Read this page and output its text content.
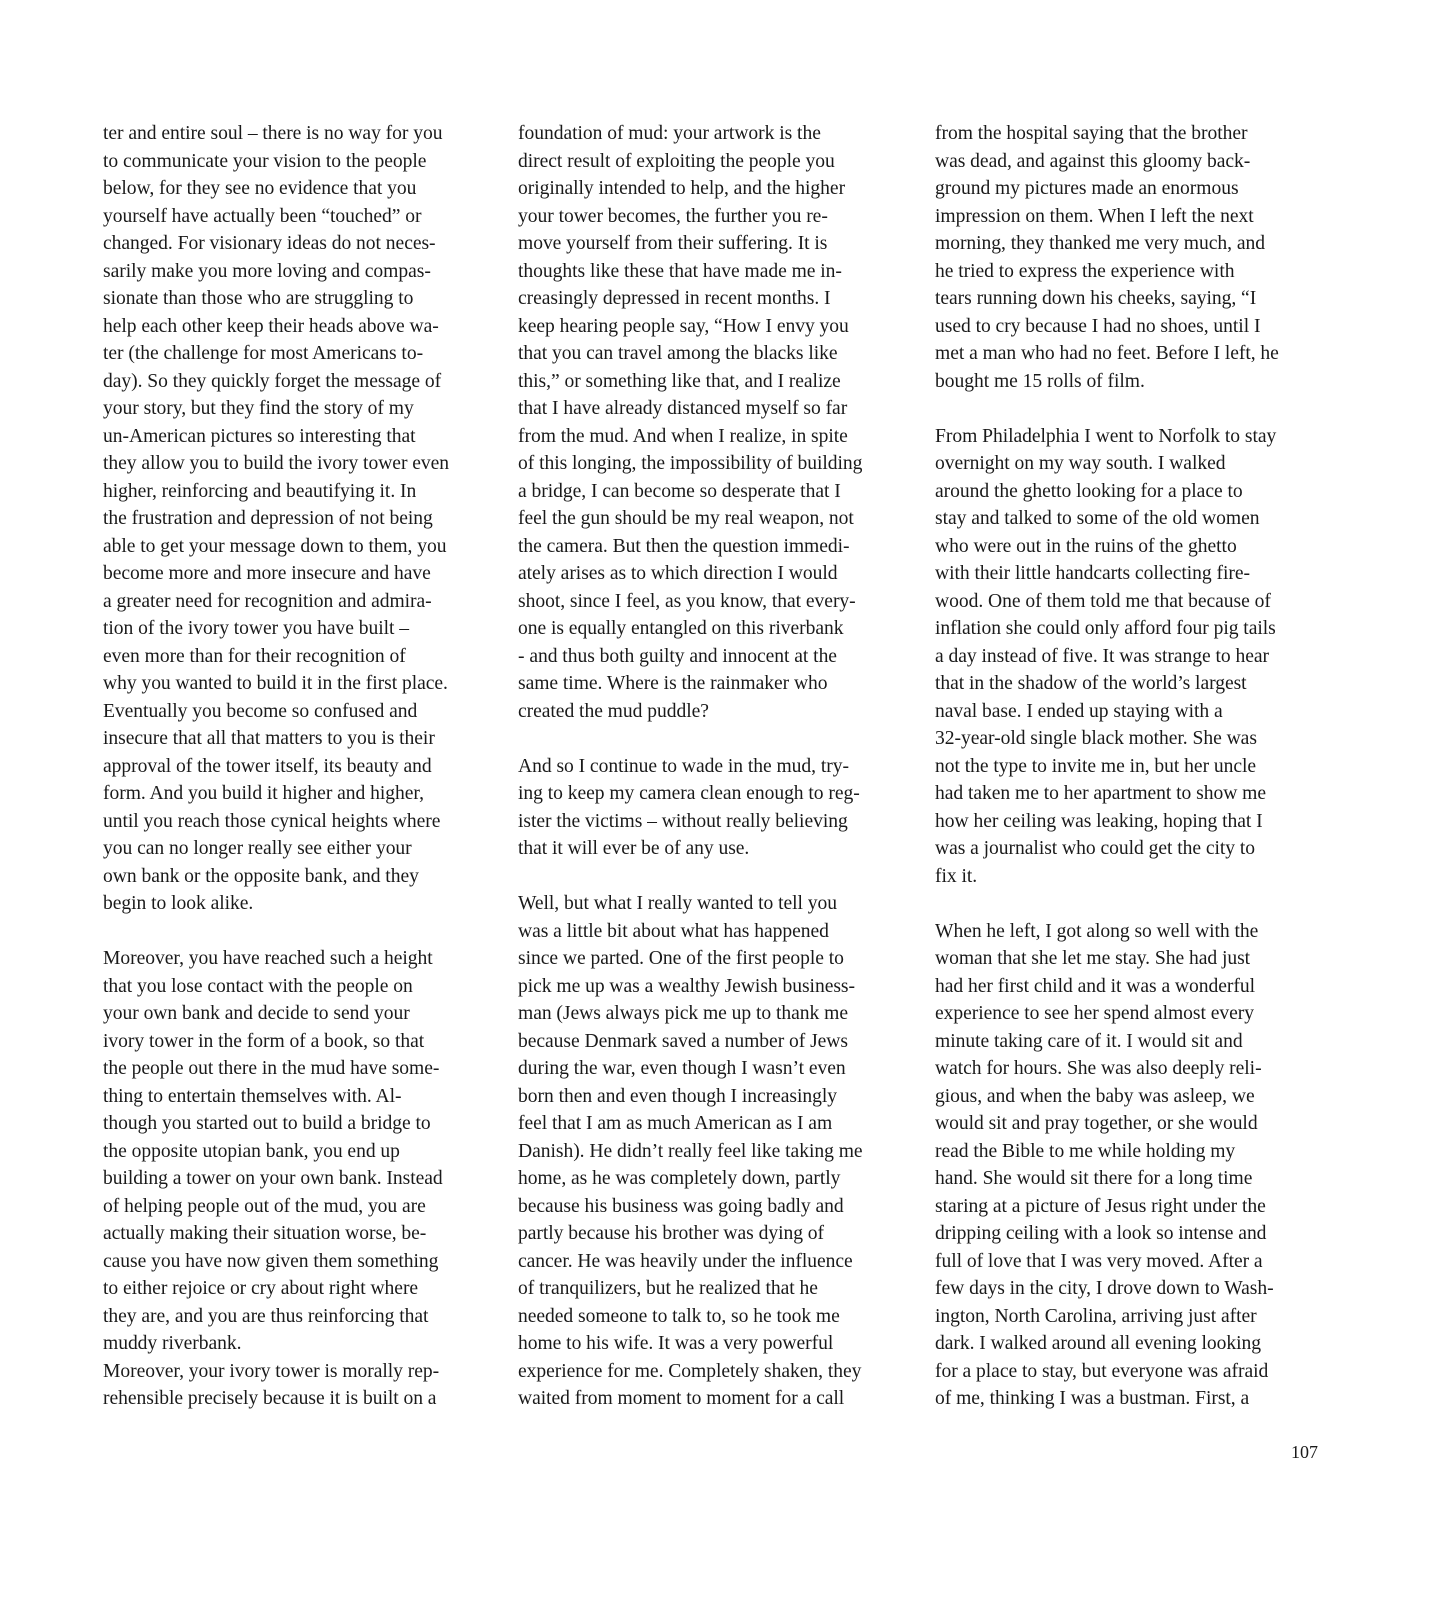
ter and entire soul – there is no way for you
to communicate your vision to the people
below, for they see no evidence that you
yourself have actually been “touched” or
changed. For visionary ideas do not neces-
sarily make you more loving and compas-
sionate than those who are struggling to
help each other keep their heads above wa-
ter (the challenge for most Americans to-
day). So they quickly forget the message of
your story, but they find the story of my
un-American pictures so interesting that
they allow you to build the ivory tower even
higher, reinforcing and beautifying it. In
the frustration and depression of not being
able to get your message down to them, you
become more and more insecure and have
a greater need for recognition and admira-
tion of the ivory tower you have built –
even more than for their recognition of
why you wanted to build it in the first place.
Eventually you become so confused and
insecure that all that matters to you is their
approval of the tower itself, its beauty and
form. And you build it higher and higher,
until you reach those cynical heights where
you can no longer really see either your
own bank or the opposite bank, and they
begin to look alike.
Moreover, you have reached such a height
that you lose contact with the people on
your own bank and decide to send your
ivory tower in the form of a book, so that
the people out there in the mud have some-
thing to entertain themselves with. Al-
though you started out to build a bridge to
the opposite utopian bank, you end up
building a tower on your own bank. Instead
of helping people out of the mud, you are
actually making their situation worse, be-
cause you have now given them something
to either rejoice or cry about right where
they are, and you are thus reinforcing that
muddy riverbank.
Moreover, your ivory tower is morally rep-
rehensible precisely because it is built on a
foundation of mud: your artwork is the
direct result of exploiting the people you
originally intended to help, and the higher
your tower becomes, the further you re-
move yourself from their suffering. It is
thoughts like these that have made me in-
creasingly depressed in recent months. I
keep hearing people say, “How I envy you
that you can travel among the blacks like
this,” or something like that, and I realize
that I have already distanced myself so far
from the mud. And when I realize, in spite
of this longing, the impossibility of building
a bridge, I can become so desperate that I
feel the gun should be my real weapon, not
the camera. But then the question immedi-
ately arises as to which direction I would
shoot, since I feel, as you know, that every-
one is equally entangled on this riverbank
- and thus both guilty and innocent at the
same time. Where is the rainmaker who
created the mud puddle?
And so I continue to wade in the mud, try-
ing to keep my camera clean enough to reg-
ister the victims – without really believing
that it will ever be of any use.
Well, but what I really wanted to tell you
was a little bit about what has happened
since we parted. One of the first people to
pick me up was a wealthy Jewish business-
man (Jews always pick me up to thank me
because Denmark saved a number of Jews
during the war, even though I wasn’t even
born then and even though I increasingly
feel that I am as much American as I am
Danish). He didn’t really feel like taking me
home, as he was completely down, partly
because his business was going badly and
partly because his brother was dying of
cancer. He was heavily under the influence
of tranquilizers, but he realized that he
needed someone to talk to, so he took me
home to his wife. It was a very powerful
experience for me. Completely shaken, they
waited from moment to moment for a call
from the hospital saying that the brother
was dead, and against this gloomy back-
ground my pictures made an enormous
impression on them. When I left the next
morning, they thanked me very much, and
he tried to express the experience with
tears running down his cheeks, saying, “I
used to cry because I had no shoes, until I
met a man who had no feet. Before I left, he
bought me 15 rolls of film.
From Philadelphia I went to Norfolk to stay
overnight on my way south. I walked
around the ghetto looking for a place to
stay and talked to some of the old women
who were out in the ruins of the ghetto
with their little handcarts collecting fire-
wood. One of them told me that because of
inflation she could only afford four pig tails
a day instead of five. It was strange to hear
that in the shadow of the world’s largest
naval base. I ended up staying with a
32-year-old single black mother. She was
not the type to invite me in, but her uncle
had taken me to her apartment to show me
how her ceiling was leaking, hoping that I
was a journalist who could get the city to
fix it.
When he left, I got along so well with the
woman that she let me stay. She had just
had her first child and it was a wonderful
experience to see her spend almost every
minute taking care of it. I would sit and
watch for hours. She was also deeply reli-
gious, and when the baby was asleep, we
would sit and pray together, or she would
read the Bible to me while holding my
hand. She would sit there for a long time
staring at a picture of Jesus right under the
dripping ceiling with a look so intense and
full of love that I was very moved. After a
few days in the city, I drove down to Wash-
ington, North Carolina, arriving just after
dark. I walked around all evening looking
for a place to stay, but everyone was afraid
of me, thinking I was a bustman. First, a
107
